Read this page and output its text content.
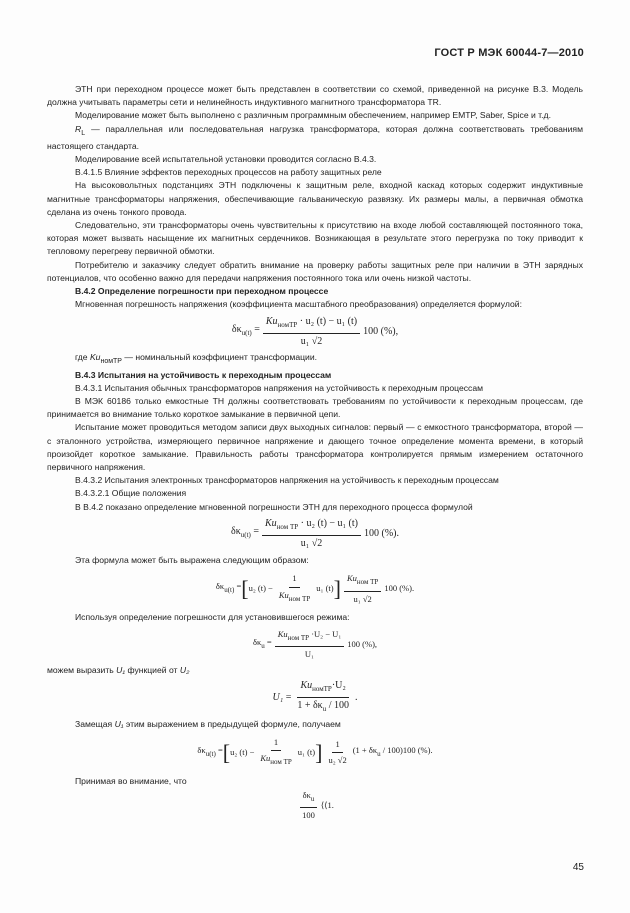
ГОСТ Р МЭК 60044-7—2010

ЭТН при переходном процессе может быть представлен в соответствии со схемой, приведенной на рисунке В.3. Модель должна учитывать параметры сети и нелинейность индуктивного магнитного трансформатора TR.

Моделирование может быть выполнено с различным программным обеспечением, например EMTP, Saber, Spice и т.д.

$R_L$ — параллельная или последовательная нагрузка трансформатора, которая должна соответствовать требованиям настоящего стандарта.

Моделирование всей испытательной установки проводится согласно В.4.3.

В.4.1.5 Влияние эффектов переходных процессов на работу защитных реле

На высоковольтных подстанциях ЭТН подключены к защитным реле, входной каскад которых содержит индуктивные магнитные трансформаторы напряжения, обеспечивающие гальваническую развязку. Их размеры малы, а первичная обмотка сделана из очень тонкого провода.

Следовательно, эти трансформаторы очень чувствительны к присутствию на входе любой составляющей постоянного тока, которая может вызвать насыщение их магнитных сердечников. Возникающая в результате этого перегрузка по току приводит к тепловому перегреву первичной обмотки.

Потребителю и заказчику следует обратить внимание на проверку работы защитных реле при наличии в ЭТН зарядных потенциалов, что особенно важно для передачи напряжения постоянного тока или очень низкой частоты.

В.4.2 Определение погрешности при переходном процессе

Мгновенная погрешность напряжения (коэффициента масштабного преобразования) определяется формулой:

$\delta\kappa_{u(t)} = \frac{Ku_{номТР} \cdot u_2 (t) - u_1 (t)}{\text{u₁ √2}} 100$ (%),

где $Ku_{номТР}$ — номинальный коэффициент трансформации.

В.4.3 Испытания на устойчивость к переходным процессам

В.4.3.1 Испытания обычных трансформаторов напряжения на устойчивость к переходным процессам

В МЭК 60186 только емкостные ТН должны соответствовать требованиям по устойчивости к переходным процессам, где принимается во внимание только короткое замыкание в первичной цепи.

Испытание может проводиться методом записи двух выходных сигналов: первый — с емкостного трансформатора, второй — с эталонного устройства, измеряющего первичное напряжение и дающего точное определение момента времени, в который произойдет короткое замыкание. Правильность работы трансформатора контролируется прямым измерением остаточного первичного напряжения.

В.4.3.2 Испытания электронных трансформаторов напряжения на устойчивость к переходным процессам

В.4.3.2.1 Общие положения

В В.4.2 показано определение мгновенной погрешности ЭТН для переходного процесса формулой

$\delta\kappa_{u(t)} = \frac{Ku_{ном ТР} \cdot u_2 (t) - u_1 (t)}{\text{u₁ √2}} 100$ (%).

Эта формула может быть выражена следующим образом:

$\delta\kappa_{u(t)}$ = [ u₂ $(t) - \frac{1}{Ku_{ном ТР}} u_1$ (t) ] $\frac{Ku_{ном ТР}}{\text{u₁ √2}} 100$ (%).

Используя определение погрешности для установившегося режима:

$\delta\kappa_u = \frac{Ku_{ном ТР} \cdot U_2 - U_1}{\text{U₁}} 100$ (%),

можем выразить U₁ функцией от U₂

$U_1 = \frac{Ku_{номТР}\cdot U_2}{1 + \delta\kappa_u / 100}$ .

Замещая U₁ этим выражением в предыдущей формуле, получаем

$\delta\kappa_{u(t)}$ = [ u₂ $(t) - \frac{1}{Ku_{ном ТР}} u_1$ (t) ] $\frac{1}{\text{u₂ √2}} (1 + \delta\kappa_u / 100)100$ (%).

Принимая во внимание, что

$\frac{\delta\kappa_u}{100}$ ⟨⟨1.
45
